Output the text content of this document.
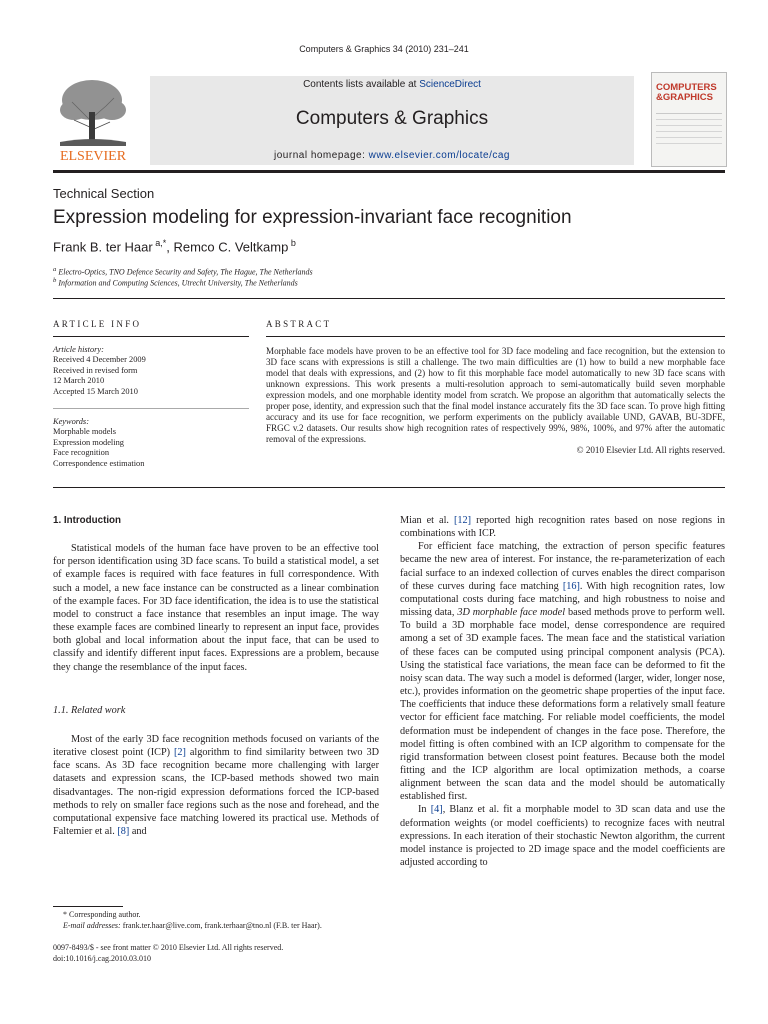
Computers & Graphics 34 (2010) 231–241
ELSEVIER
Contents lists available at ScienceDirect
Computers & Graphics
journal homepage: www.elsevier.com/locate/cag
COMPUTERS
&GRAPHICS
Technical Section
Expression modeling for expression-invariant face recognition
Frank B. ter Haar $^{a,*}$, Remco C. Veltkamp $^b$
$^a$ Electro-Optics, TNO Defence Security and Safety, The Hague, The Netherlands
$^b$ Information and Computing Sciences, Utrecht University, The Netherlands
ARTICLE INFO	ABSTRACT
Article history:
Received 4 December 2009
Received in revised form
12 March 2010
Accepted 15 March 2010
Keywords:
Morphable models
Expression modeling
Face recognition
Correspondence estimation
Morphable face models have proven to be an effective tool for 3D face modeling and face recognition, but the extension to 3D face scans with expressions is still a challenge. The two main difficulties are (1) how to build a new morphable face model that deals with expressions, and (2) how to fit this morphable face model automatically to new 3D face scans with unknown expressions. This work presents a multi-resolution approach to semi-automatically build seven morphable expression models, and one morphable identity model from scratch. We propose an algorithm that automatically selects the proper pose, identity, and expression such that the final model instance accurately fits the 3D face scan. To prove high fitting accuracy and its use for face recognition, we perform experiments on the publicly available UND, GAVAB, BU-3DFE, FRGC v.2 datasets. Our results show high recognition rates of respectively 99%, 98%, 100%, and 97% after the automatic removal of the expressions.
© 2010 Elsevier Ltd. All rights reserved.

1. Introduction

Statistical models of the human face have proven to be an effective tool for person identification using 3D face scans. To build a statistical model, a set of example faces is required with face features in full correspondence. With such a model, a new face instance can be constructed as a linear combination of the example faces. For 3D face identification, the idea is to use the statistical model to construct a face instance that resembles an input image. The way these example faces are combined linearly to represent an input face, provides both global and local information about the input face, that can be used to classify and identify different input faces. Expressions are a problem, because they change the resemblance of the input faces.

1.1. Related work

Most of the early 3D face recognition methods focused on variants of the iterative closest point (ICP) [2] algorithm to find similarity between two 3D face scans. As 3D face recognition became more challenging with larger datasets and expression scans, the ICP-based methods showed two main disadvantages. The non-rigid expression deformations forced the ICP-based methods to rely on smaller face regions such as the nose and forehead, and the computational expensive face matching lowered its practical use. Methods of Faltemier et al. [8] and

Mian et al. [12] reported high recognition rates based on nose regions in combinations with ICP.

For efficient face matching, the extraction of person specific features became the new area of interest. For instance, the re-parameterization of each facial surface to an indexed collection of curves enables the direct comparison of these curves during face matching [16]. With high recognition rates, low computational costs during face matching, and high robustness to noise and missing data, 3D morphable face model based methods prove to perform well. To build a 3D morphable face model, dense correspondence are required among a set of 3D example faces. The mean face and the statistical variation of these faces can be computed using principal component analysis (PCA). Using the statistical face variations, the mean face can be deformed to fit the noisy scan data. The way such a model is deformed (larger, wider, longer nose, etc.), provides information on the geometric shape properties of the input face. The coefficients that induce these deformations form a relatively small feature vector for efficient face matching. For reliable model coefficients, the model deformation must be independent of changes in the face pose. Therefore, the model fitting is often combined with an ICP algorithm to compensate for the rigid transformation between closest point features. Because both the model fitting and the ICP algorithm are local optimization methods, a coarse alignment between the scan data and the model should be automatically established first.

In [4], Blanz et al. fit a morphable model to 3D scan data and use the deformation weights (or model coefficients) to recognize faces with neutral expressions. In each iteration of their stochastic Newton algorithm, the current model instance is projected to 2D image space and the model coefficients are adjusted according to

* Corresponding author.
E-mail addresses: frank.ter.haar@live.com, frank.terhaar@tno.nl (F.B. ter Haar).
0097-8493/$ - see front matter © 2010 Elsevier Ltd. All rights reserved.
doi:10.1016/j.cag.2010.03.010
